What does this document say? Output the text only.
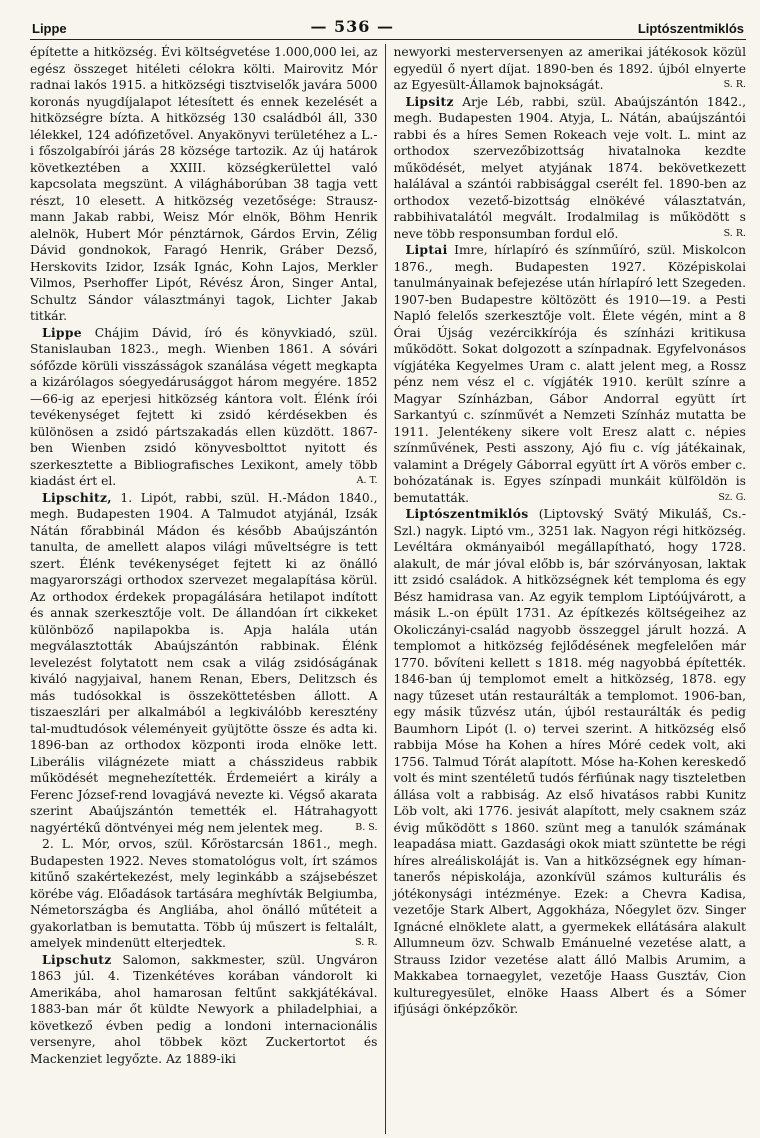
Lippe	— 536 —	Liptószentmiklós

építette a hitközség. Évi költségvetése 1.000,000 lei, az egész összeget hitéleti célokra költi. Mairovitz Mór radnai lakós 1915. a hitközségi tisztviselők javára 5000 koronás nyugdíjalapot létesített és ennek kezelését a hitközségre bízta. A hitközség 130 családból áll, 330 lélekkel, 124 adófizetővel. Anyakönyvi területéhez a L.-i főszolgabírói járás 28 községe tartozik. Az új határok következtében a XXIII. községkerülettel való kapcsolata megszünt. A világháborúban 38 tagja vett részt, 10 elesett. A hitközség vezetősége: Strausz-mann Jakab rabbi, Weisz Mór elnök, Böhm Henrik alelnök, Hubert Mór pénztárnok, Gárdos Ervin, Zélig Dávid gondnokok, Faragó Henrik, Gráber Dezső, Herskovits Izidor, Izsák Ignác, Kohn Lajos, Merkler Vilmos, Pserhoffer Lipót, Révész Áron, Singer Antal, Schultz Sándor választmányi tagok, Lichter Jakab titkár.

Lippe Chájim Dávid, író és könyvkiadó, szül. Stanislauban 1823., megh. Wienben 1861. A sóvári sófőzde körüli visszásságok szanálása végett megkapta a kizárólagos sóegyedárusággot három megyére. 1852—66-ig az eperjesi hitközség kántora volt. Élénk írói tevékenységet fejtett ki zsidó kérdésekben és különösen a zsidó pártszakadás ellen küzdött. 1867-ben Wienben zsidó könyvesbolttot nyitott és szerkesztette a Bibliografisches Lexikont, amely több kiadást ért el.	A. T.

Lipschitz, 1. Lipót, rabbi, szül. H.-Mádon 1840., megh. Budapesten 1904. A Talmudot atyjánál, Izsák Nátán főrabbinál Mádon és később Abaújszántón tanulta, de amellett alapos világi műveltségre is tett szert. Élénk tevékenységet fejtett ki az önálló magyarországi orthodox szervezet megalapítása körül. Az orthodox érdekek propagálására hetilapot indított és annak szerkesztője volt. De állandóan írt cikkeket különböző napilapokba is. Apja halála után megválasztották Abaújszántón rabbinak. Élénk levelezést folytatott nem csak a világ zsidóságának kiváló nagyjaival, hanem Renan, Ebers, Delitzsch és más tudósokkal is összeköttetésben állott. A tiszaeszlári per alkalmából a legkiválóbb keresztény tal-mudtudósok véleményeit gyüjtötte össze és adta ki. 1896-ban az orthodox központi iroda elnöke lett. Liberális világnézete miatt a chásszideus rabbik működését megnehezítették. Érdemeiért a király a Ferenc József-rend lovagjává nevezte ki. Végső akarata szerint Abaújszántón temették el. Hátrahagyott nagyértékű döntvényei még nem jelentek meg.	B. S.

2. L. Mór, orvos, szül. Kőröstarcsán 1861., megh. Budapesten 1922. Neves stomatológus volt, írt számos kitűnő szakértekezést, mely leginkább a szájsebészet körébe vág. Előadások tartására meghívták Belgiumba, Németországba és Angliába, ahol önálló műtéteit a gyakorlatban is bemutatta. Több új műszert is feltalált, amelyek mindenütt elterjedtek.	S. R.

Lipschutz Salomon, sakkmester, szül. Ungváron 1863 júl. 4. Tizenkétéves korában vándorolt ki Amerikába, ahol hamarosan feltűnt sakkjátékával. 1883-ban már őt küldte Newyork a philadelphiai, a következő évben pedig a londoni internacionális versenyre, ahol többek közt Zuckertortot és Mackenziet legyőzte. Az 1889-iki

newyorki mesterversenyen az amerikai játékosok közül egyedül ő nyert díjat. 1890-ben és 1892. újból elnyerte az Egyesült-Államok bajnokságát.	S. R.

Lipsitz Arje Léb, rabbi, szül. Abaújszántón 1842., megh. Budapesten 1904. Atyja, L. Nátán, abaújszántói rabbi és a híres Semen Rokeach veje volt. L. mint az orthodox szervezőbizottság hivatalnoka kezdte működését, melyet atyjának 1874. bekövetkezett halálával a szántói rabbisággal cserélt fel. 1890-ben az orthodox vezető-bizottság elnökévé választatván, rabbihivatalától megvált. Irodalmilag is működött s neve több responsumban fordul elő.	S. R.

Liptai Imre, hírlapíró és színműíró, szül. Miskolcon 1876., megh. Budapesten 1927. Középiskolai tanulmányainak befejezése után hírlapíró lett Szegeden. 1907-ben Budapestre költözött és 1910—19. a Pesti Napló felelős szerkesztője volt. Élete végén, mint a 8 Órai Újság vezércikkírója és színházi kritikusa működött. Sokat dolgozott a színpadnak. Egyfelvonásos vígjátéka Kegyelmes Uram c. alatt jelent meg, a Rossz pénz nem vész el c. vígjáték 1910. került színre a Magyar Színházban, Gábor Andorral együtt írt Sarkantyú c. színművét a Nemzeti Színház mutatta be 1911. Jelentékeny sikere volt Eresz alatt c. népies színművének, Pesti asszony, Ajó fiu c. víg játékainak, valamint a Drégely Gáborral együtt írt A vörös ember c. bohózatának is. Egyes színpadi munkáit külföldön is bemutatták.	Sz. G.

Liptószentmiklós (Liptovský Svätý Mikuláš, Cs.-Szl.) nagyk. Liptó vm., 3251 lak. Nagyon régi hitközség. Levéltára okmányaiból megállapítható, hogy 1728. alakult, de már jóval előbb is, bár szórványosan, laktak itt zsidó családok. A hitközségnek két temploma és egy Bész hamidrasa van. Az egyik templom Liptóújvárott, a másik L.-on épült 1731. Az építkezés költségeihez az Okoliczányi-család nagyobb összeggel járult hozzá. A templomot a hitközség fejlődésének megfelelően már 1770. bővíteni kellett s 1818. még nagyobbá építették. 1846-ban új templomot emelt a hitközség, 1878. egy nagy tűzeset után restaurálták a templomot. 1906-ban, egy másik tűzvész után, újból restaurálták és pedig Baumhorn Lipót (l. o) tervei szerint. A hitközség első rabbija Móse ha Kohen a híres Móré cedek volt, aki 1756. Talmud Tórát alapított. Móse ha-Kohen kereskedő volt és mint szentéletű tudós férfiúnak nagy tiszteletben állása volt a rabbiság. Az első hivatásos rabbi Kunitz Löb volt, aki 1776. jesivát alapított, mely csaknem száz évig működött s 1860. szünt meg a tanulók számának leapadása miatt. Gazdasági okok miatt szüntette be régi híres alreáliskoláját is. Van a hitközségnek egy híman-tanerős népiskolája, azonkívül számos kulturális és jótékonysági intézménye. Ezek: a Chevra Kadisa, vezetője Stark Albert, Aggokháza, Nőegylet özv. Singer Ignácné elnöklete alatt, a gyermekek ellátására alakult Allumneum özv. Schwalb Emánuelné vezetése alatt, a Strauss Izidor vezetése alatt álló Malbis Arumim, a Makkabea tornaegylet, vezetője Haass Gusztáv, Cion kulturegyesület, elnöke Haass Albert és a Sómer ifjúsági önképzőkör.
